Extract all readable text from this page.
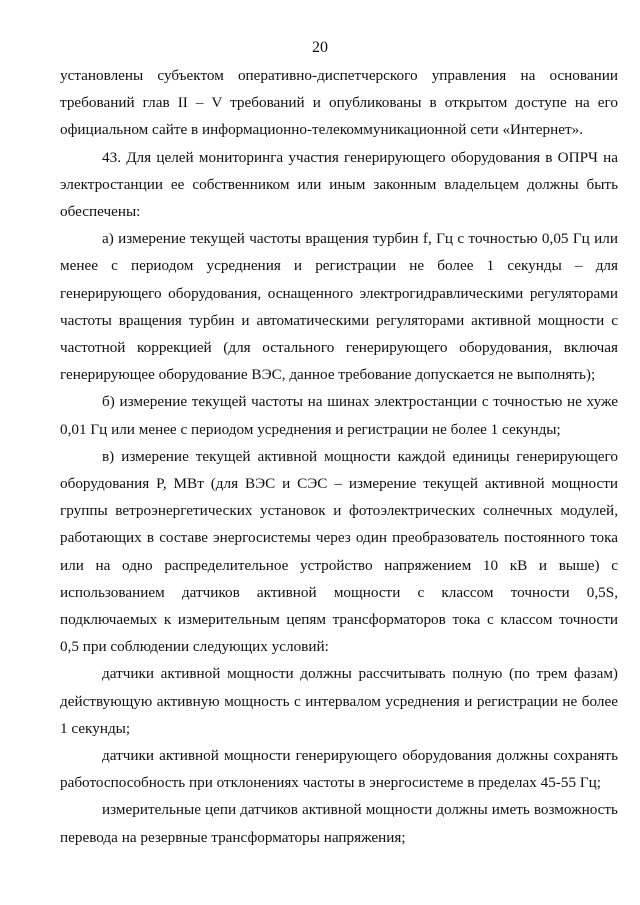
20

установлены субъектом оперативно-диспетчерского управления на основании требований глав II – V требований и опубликованы в открытом доступе на его официальном сайте в информационно-телекоммуникационной сети «Интернет».

43. Для целей мониторинга участия генерирующего оборудования в ОПРЧ на электростанции ее собственником или иным законным владельцем должны быть обеспечены:

а) измерение текущей частоты вращения турбин f, Гц с точностью 0,05 Гц или менее с периодом усреднения и регистрации не более 1 секунды – для генерирующего оборудования, оснащенного электрогидравлическими регуляторами частоты вращения турбин и автоматическими регуляторами активной мощности с частотной коррекцией (для остального генерирующего оборудования, включая генерирующее оборудование ВЭС, данное требование допускается не выполнять);

б) измерение текущей частоты на шинах электростанции с точностью не хуже 0,01 Гц или менее с периодом усреднения и регистрации не более 1 секунды;

в) измерение текущей активной мощности каждой единицы генерирующего оборудования P, МВт (для ВЭС и СЭС – измерение текущей активной мощности группы ветроэнергетических установок и фотоэлектрических солнечных модулей, работающих в составе энергосистемы через один преобразователь постоянного тока или на одно распределительное устройство напряжением 10 кВ и выше) с использованием датчиков активной мощности с классом точности 0,5S, подключаемых к измерительным цепям трансформаторов тока с классом точности 0,5 при соблюдении следующих условий:

датчики активной мощности должны рассчитывать полную (по трем фазам) действующую активную мощность с интервалом усреднения и регистрации не более 1 секунды;

датчики активной мощности генерирующего оборудования должны сохранять работоспособность при отклонениях частоты в энергосистеме в пределах 45-55 Гц;

измерительные цепи датчиков активной мощности должны иметь возможность перевода на резервные трансформаторы напряжения;
